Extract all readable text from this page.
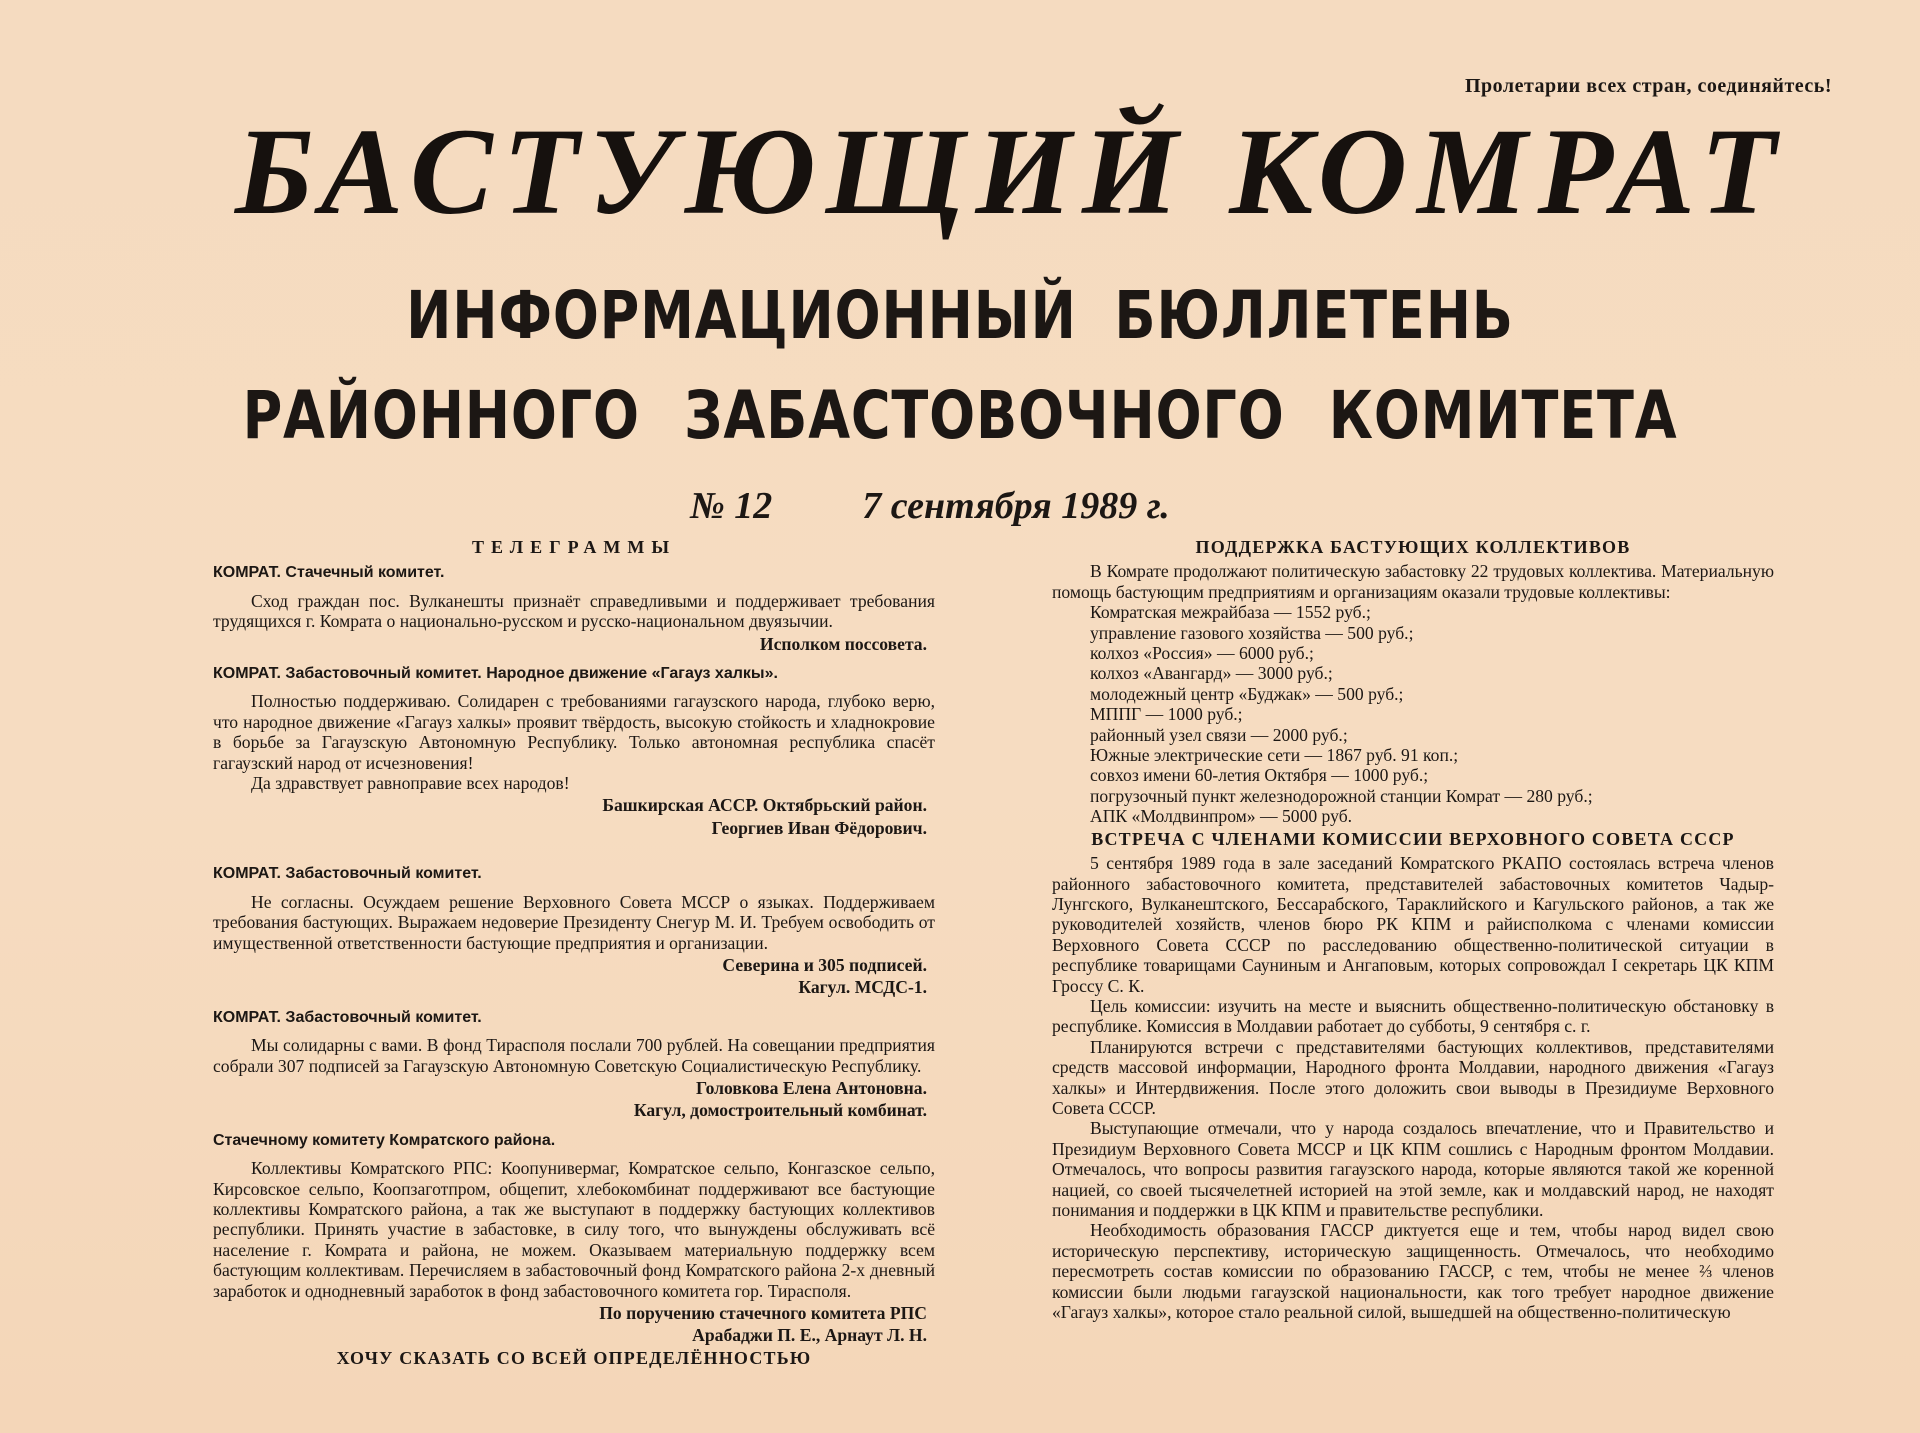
Пролетарии всех стран, соединяйтесь!
БАСТУЮЩИЙ КОМРАТ
ИНФОРМАЦИОННЫЙ БЮЛЛЕТЕНЬ
РАЙОННОГО ЗАБАСТОВОЧНОГО КОМИТЕТА
№ 12 7 сентября 1989 г.
ТЕЛЕГРАММЫ
КОМРАТ. Стачечный комитет.

Сход граждан пос. Вулканешты признаёт справедливыми и поддерживает требования трудящихся г. Комрата о национально-русском и русско-национальном двуязычии.

Исполком поссовета.
КОМРАТ. Забастовочный комитет. Народное движение «Гагауз халкы».

Полностью поддерживаю. Солидарен с требованиями гагаузского народа, глубоко верю, что народное движение «Гагауз халкы» проявит твёрдость, высокую стойкость и хладнокровие в борьбе за Гагаузскую Автономную Республику. Только автономная республика спасёт гагаузский народ от исчезновения!

Да здравствует равноправие всех народов!

Башкирская АССР. Октябрьский район.
Георгиев Иван Фёдорович.
КОМРАТ. Забастовочный комитет.

Не согласны. Осуждаем решение Верховного Совета МССР о языках. Поддерживаем требования бастующих. Выражаем недоверие Президенту Снегур М. И. Требуем освободить от имущественной ответственности бастующие предприятия и организации.

Северина и 305 подписей.
Кагул. МСДС-1.
КОМРАТ. Забастовочный комитет.

Мы солидарны с вами. В фонд Тирасполя послали 700 рублей. На совещании предприятия собрали 307 подписей за Гагаузскую Автономную Советскую Социалистическую Республику.

Головкова Елена Антоновна.
Кагул, домостроительный комбинат.
Стачечному комитету Комратского района.

Коллективы Комратского РПС: Коопунивермаг, Комратское сельпо, Конгазское сельпо, Кирсовское сельпо, Коопзаготпром, общепит, хлебокомбинат поддерживают все бастующие коллективы Комратского района, а так же выступают в поддержку бастующих коллективов республики. Принять участие в забастовке, в силу того, что вынуждены обслуживать всё население г. Комрата и района, не можем. Оказываем материальную поддержку всем бастующим коллективам. Перечисляем в забастовочный фонд Комратского района 2-х дневный заработок и однодневный заработок в фонд забастовочного комитета гор. Тирасполя.

По поручению стачечного комитета РПС
Арабаджи П. Е., Арнаут Л. Н.
ХОЧУ СКАЗАТЬ СО ВСЕЙ ОПРЕДЕЛЁННОСТЬЮ
ПОДДЕРЖКА БАСТУЮЩИХ КОЛЛЕКТИВОВ

В Комрате продолжают политическую забастовку 22 трудовых коллектива. Материальную помощь бастующим предприятиям и организациям оказали трудовые коллективы:

Комратская межрайбаза — 1552 руб.;
управление газового хозяйства — 500 руб.;
колхоз «Россия» — 6000 руб.;
колхоз «Авангард» — 3000 руб.;
молодежный центр «Буджак» — 500 руб.;
МППГ — 1000 руб.;
районный узел связи — 2000 руб.;
Южные электрические сети — 1867 руб. 91 коп.;
совхоз имени 60-летия Октября — 1000 руб.;
погрузочный пункт железнодорожной станции Комрат — 280 руб.;
АПК «Молдвинпром» — 5000 руб.
ВСТРЕЧА С ЧЛЕНАМИ КОМИССИИ ВЕРХОВНОГО СОВЕТА СССР

5 сентября 1989 года в зале заседаний Комратского РКАПО состоялась встреча членов районного забастовочного комитета, представителей забастовочных комитетов Чадыр-Лунгского, Вулканештского, Бессарабского, Тараклийского и Кагульского районов, а так же руководителей хозяйств, членов бюро РК КПМ и райисполкома с членами комиссии Верховного Совета СССР по расследованию общественно-политической ситуации в республике товарищами Сауниным и Ангаповым, которых сопровождал I секретарь ЦК КПМ Гроссу С. К.

Цель комиссии: изучить на месте и выяснить общественно-политическую обстановку в республике. Комиссия в Молдавии работает до субботы, 9 сентября с. г.

Планируются встречи с представителями бастующих коллективов, представителями средств массовой информации, Народного фронта Молдавии, народного движения «Гагауз халкы» и Интердвижения. После этого доложить свои выводы в Президиуме Верховного Совета СССР.

Выступающие отмечали, что у народа создалось впечатление, что и Правительство и Президиум Верховного Совета МССР и ЦК КПМ сошлись с Народным фронтом Молдавии. Отмечалось, что вопросы развития гагаузского народа, которые являются такой же коренной нацией, со своей тысячелетней историей на этой земле, как и молдавский народ, не находят понимания и поддержки в ЦК КПМ и правительстве республики.

Необходимость образования ГАССР диктуется еще и тем, чтобы народ видел свою историческую перспективу, историческую защищенность. Отмечалось, что необходимо пересмотреть состав комиссии по образованию ГАССР, с тем, чтобы не менее ⅔ членов комиссии были людьми гагаузской национальности, как того требует народное движение «Гагауз халкы», которое стало реальной силой, вышедшей на общественно-политическую
